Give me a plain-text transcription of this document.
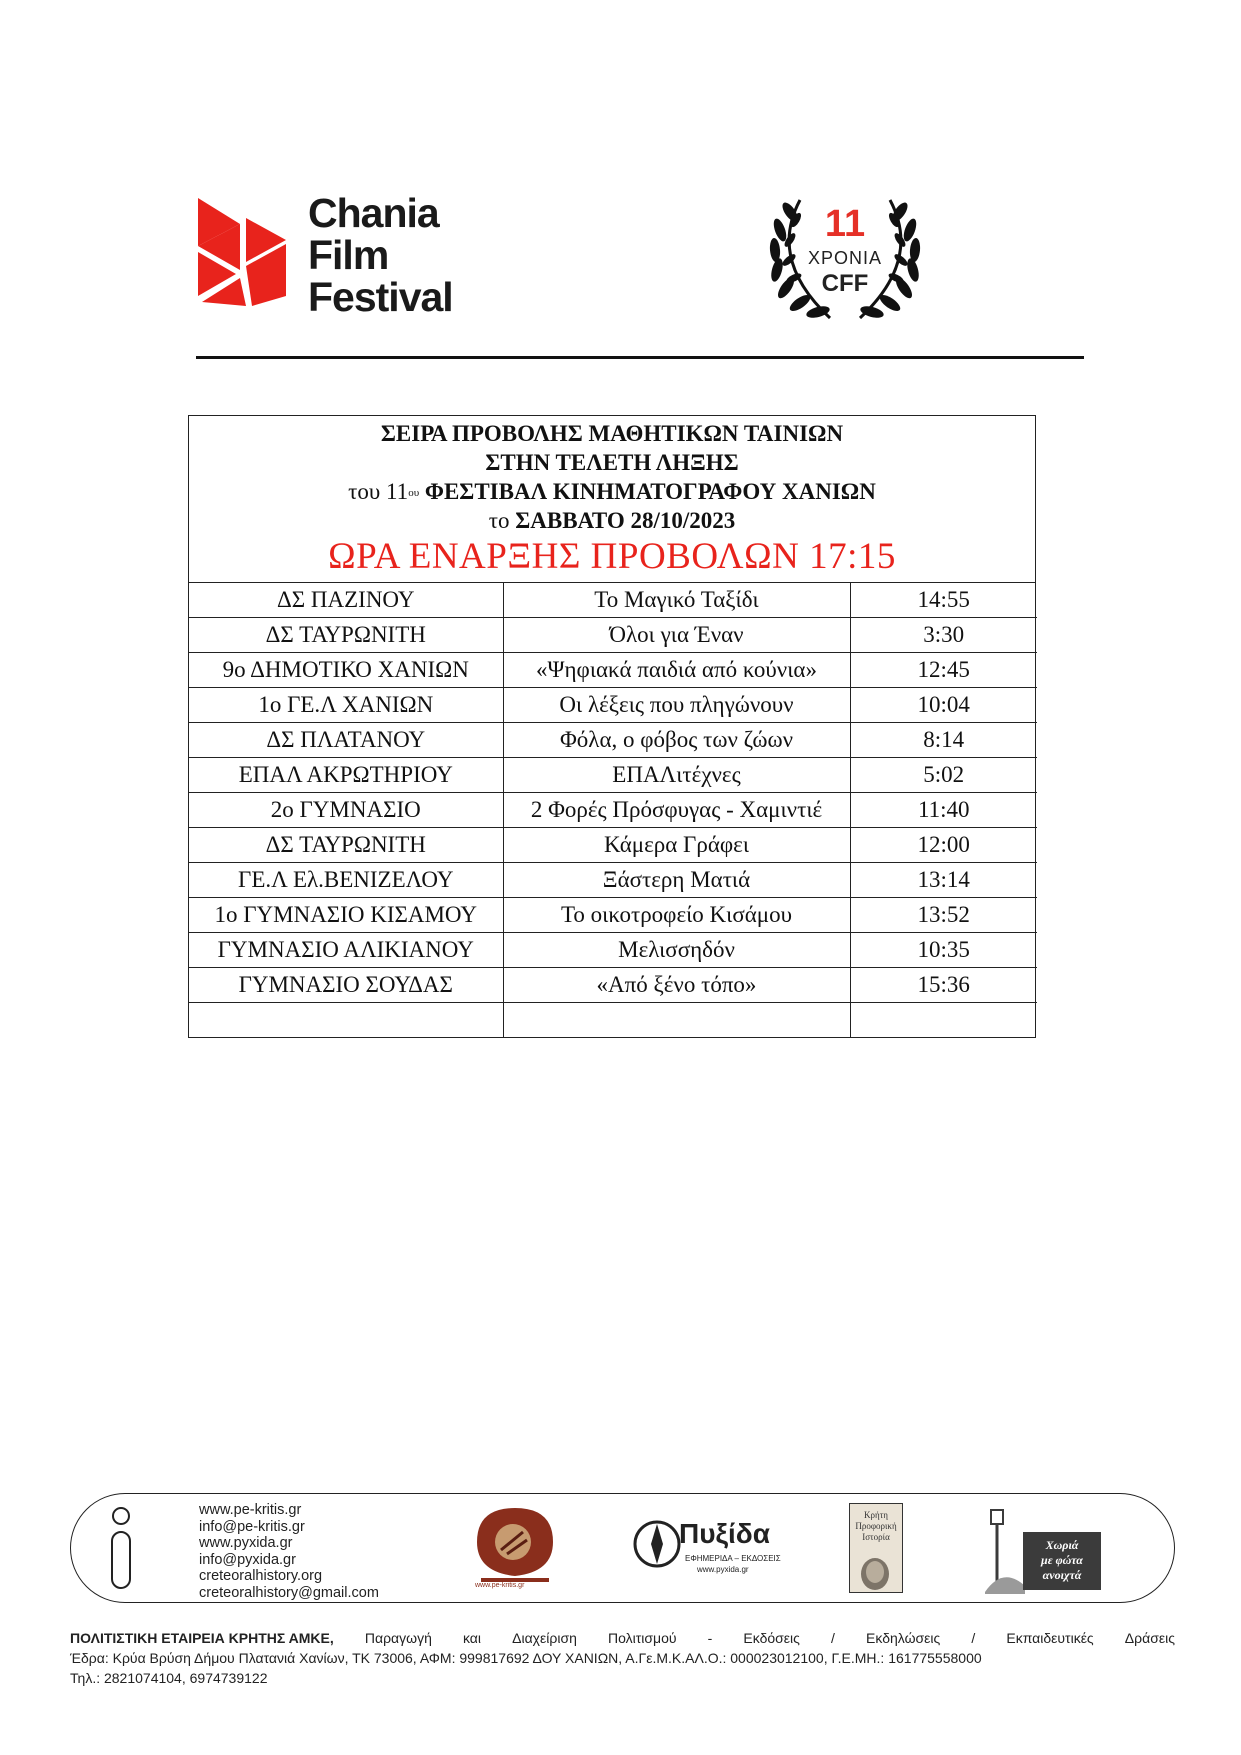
Chania
Film
Festival
11
ΧΡΟΝΙΑ
CFF
ΣΕΙΡΑ ΠΡΟΒΟΛΗΣ ΜΑΘΗΤΙΚΩΝ ΤΑΙΝΙΩΝ
ΣΤΗΝ ΤΕΛΕΤΗ ΛΗΞΗΣ
του $11^{o\upsilon}$ ΦΕΣΤΙΒΑΛ ΚΙΝΗΜΑΤΟΓΡΑΦΟΥ ΧΑΝΙΩΝ
το ΣΑΒΒΑΤΟ 28/10/2023
ΩΡΑ ΕΝΑΡΞΗΣ ΠΡΟΒΟΛΩΝ 17:15
ΔΣ ΠΑΖΙΝΟΥ	Το Μαγικό Ταξίδι	14:55
ΔΣ ΤΑΥΡΩΝΙΤΗ	Όλοι για Έναν	3:30
9ο ΔΗΜΟΤΙΚΟ ΧΑΝΙΩΝ	«Ψηφιακά παιδιά από κούνια»	12:45
1ο ΓΕ.Λ ΧΑΝΙΩΝ	Οι λέξεις που πληγώνουν	10:04
ΔΣ ΠΛΑΤΑΝΟΥ	Φόλα, ο φόβος των ζώων	8:14
ΕΠΑΛ ΑΚΡΩΤΗΡΙΟΥ	ΕΠΑΛιτέχνες	5:02
2ο ΓΥΜΝΑΣΙΟ	2 Φορές Πρόσφυγας - Χαμιντιέ	11:40
ΔΣ ΤΑΥΡΩΝΙΤΗ	Κάμερα Γράφει	12:00
ΓΕ.Λ Ελ.ΒΕΝΙΖΕΛΟΥ	Ξάστερη Ματιά	13:14
1ο ΓΥΜΝΑΣΙΟ ΚΙΣΑΜΟΥ	Το οικοτροφείο Κισάμου	13:52
ΓΥΜΝΑΣΙΟ ΑΛΙΚΙΑΝΟΥ	Μελισσηδόν	10:35
ΓΥΜΝΑΣΙΟ ΣΟΥΔΑΣ	«Από ξένο τόπο»	15:36

www.pe-kritis.gr
info@pe-kritis.gr
www.pyxida.gr
info@pyxida.gr
creteoralhistory.org
creteoralhistory@gmail.com	www.pe-kritis.gr
Πυξίδα
ΕΦΗΜΕΡΙΔΑ – ΕΚΔΟΣΕΙΣ
www.pyxida.gr
Κρήτη
Προφορική
Ιστορία
Χωριά
με φώτα
ανοιχτά
ΠΟΛΙΤΙΣΤΙΚΗ ΕΤΑΙΡΕΙΑ ΚΡΗΤΗΣ ΑΜΚΕ, Παραγωγή και Διαχείριση Πολιτισμού - Εκδόσεις / Εκδηλώσεις / Εκπαιδευτικές Δράσεις
Έδρα: Κρύα Βρύση Δήμου Πλατανιά Χανίων, ΤΚ 73006, ΑΦΜ: 999817692 ΔΟΥ ΧΑΝΙΩΝ, Α.Γε.Μ.Κ.ΑΛ.Ο.: 000023012100, Γ.Ε.ΜΗ.: 161775558000
Τηλ.: 2821074104, 6974739122
